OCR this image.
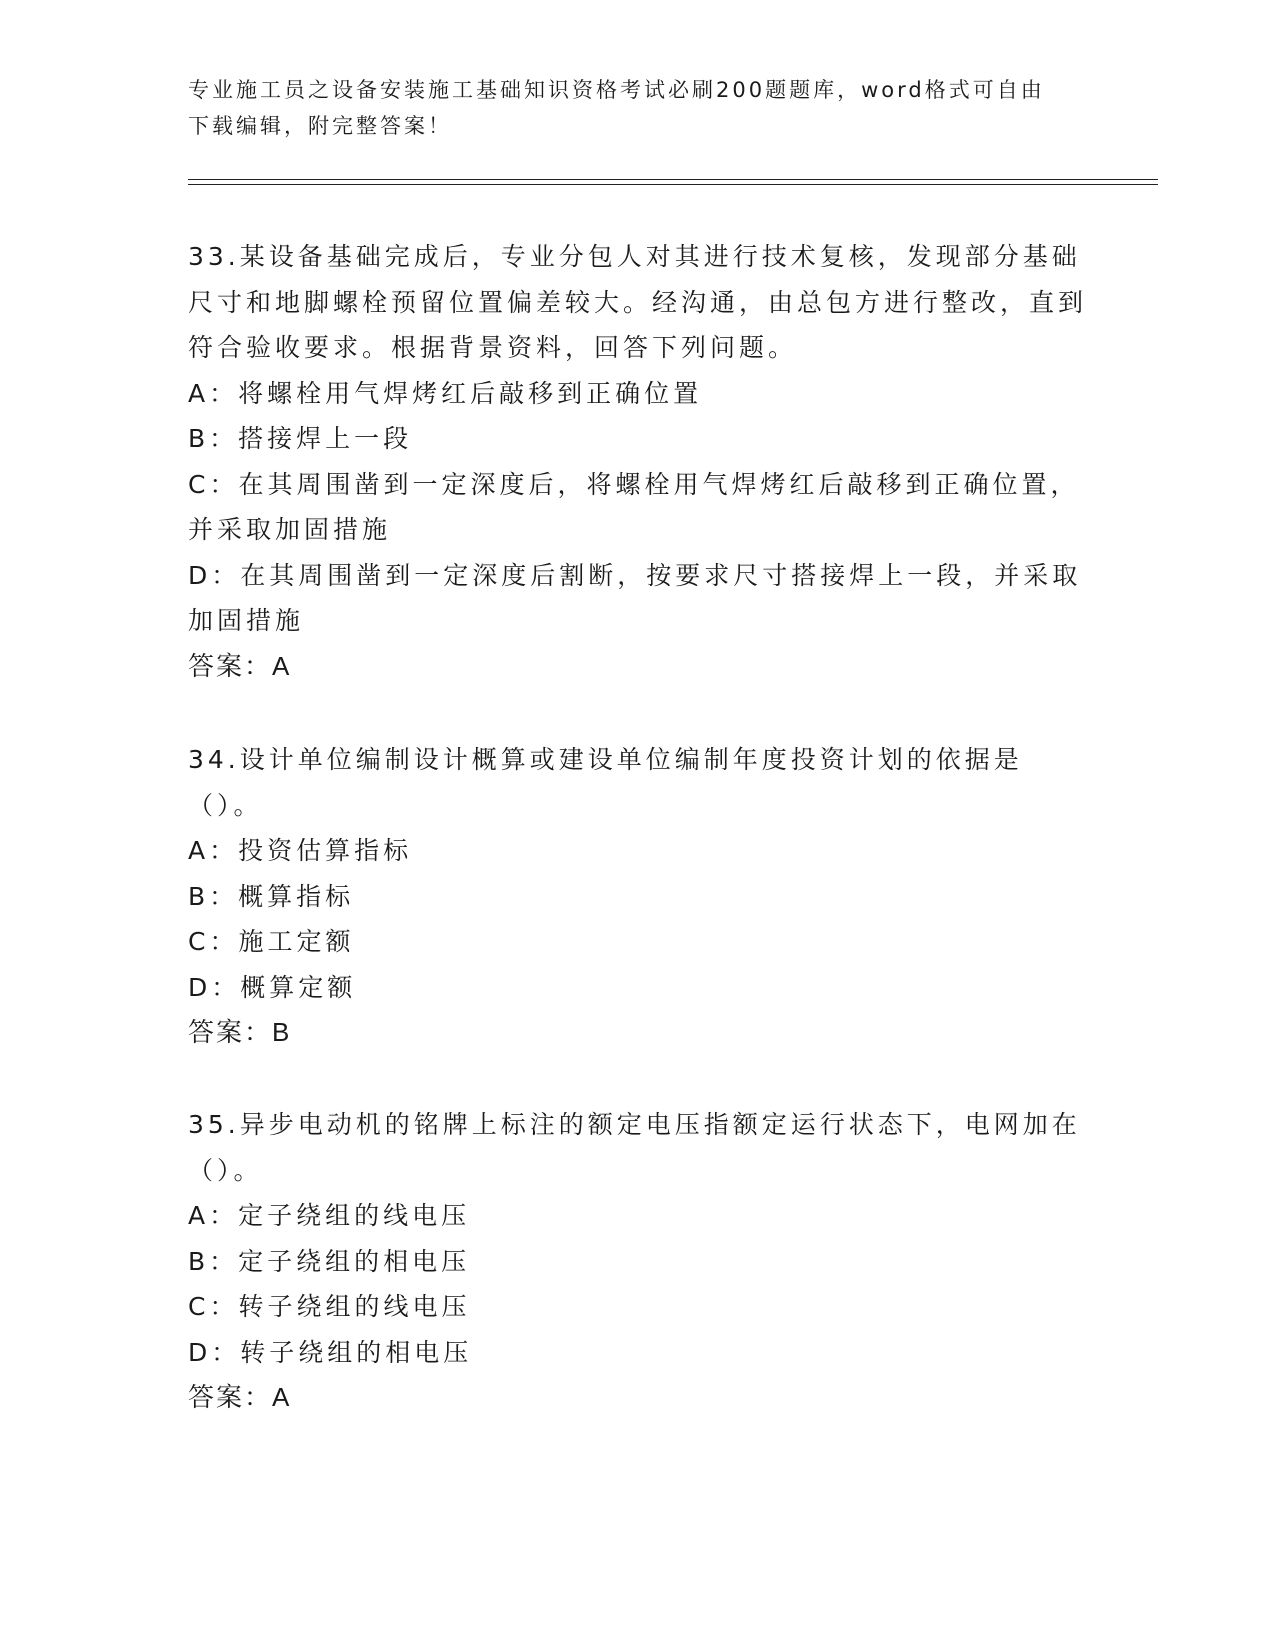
专业施工员之设备安装施工基础知识资格考试必刷200题题库，word格式可自由下载编辑，附完整答案！

33.某设备基础完成后，专业分包人对其进行技术复核，发现部分基础尺寸和地脚螺栓预留位置偏差较大。经沟通，由总包方进行整改，直到符合验收要求。根据背景资料，回答下列问题。

A：将螺栓用气焊烤红后敲移到正确位置

B：搭接焊上一段

C：在其周围凿到一定深度后，将螺栓用气焊烤红后敲移到正确位置，并采取加固措施

D：在其周围凿到一定深度后割断，按要求尺寸搭接焊上一段，并采取加固措施

答案：A

34.设计单位编制设计概算或建设单位编制年度投资计划的依据是（）。

A：投资估算指标

B：概算指标

C：施工定额

D：概算定额

答案：B

35.异步电动机的铭牌上标注的额定电压指额定运行状态下，电网加在（）。

A：定子绕组的线电压

B：定子绕组的相电压

C：转子绕组的线电压

D：转子绕组的相电压

答案：A
